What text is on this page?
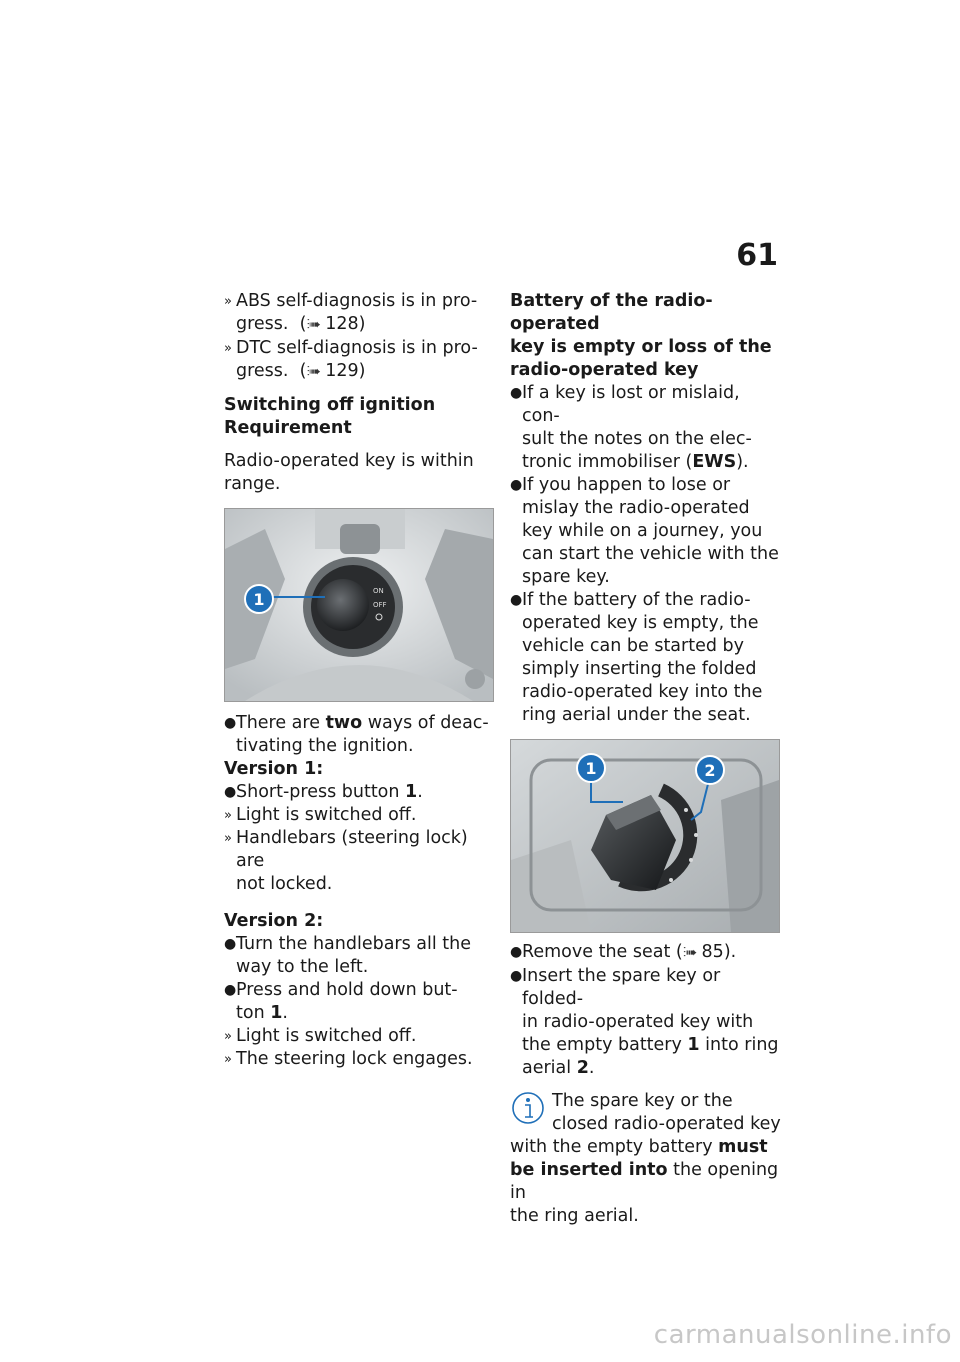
61
» ABS self-diagnosis is in pro-
gress.  (⫶➠ 128)
» DTC self-diagnosis is in pro-
gress.  (⫶➠ 129)

Switching off ignition

Requirement

Radio-operated key is within
range.

ON
OFF
1
● There are two ways of deac-
tivating the ignition.

Version 1:

● Short-press button 1.
» Light is switched off.
» Handlebars (steering lock) are
not locked.

Version 2:

● Turn the handlebars all the
way to the left.
● Press and hold down but-
ton 1.
» Light is switched off.
» The steering lock engages.

Battery of the radio-operated
key is empty or loss of the
radio-operated key

● If a key is lost or mislaid, con-
sult the notes on the elec-
tronic immobiliser (EWS).
● If you happen to lose or
mislay the radio-operated
key while on a journey, you
can start the vehicle with the
spare key.
● If the battery of the radio-
operated key is empty, the
vehicle can be started by
simply inserting the folded
radio-operated key into the
ring aerial under the seat.
1	2
● Remove the seat (⫶➠ 85).
● Insert the spare key or folded-
in radio-operated key with
the empty battery 1 into ring
aerial 2.
The spare key or the
closed radio-operated key
with the empty battery must
be inserted into the opening in
the ring aerial.
carmanualsonline.info
